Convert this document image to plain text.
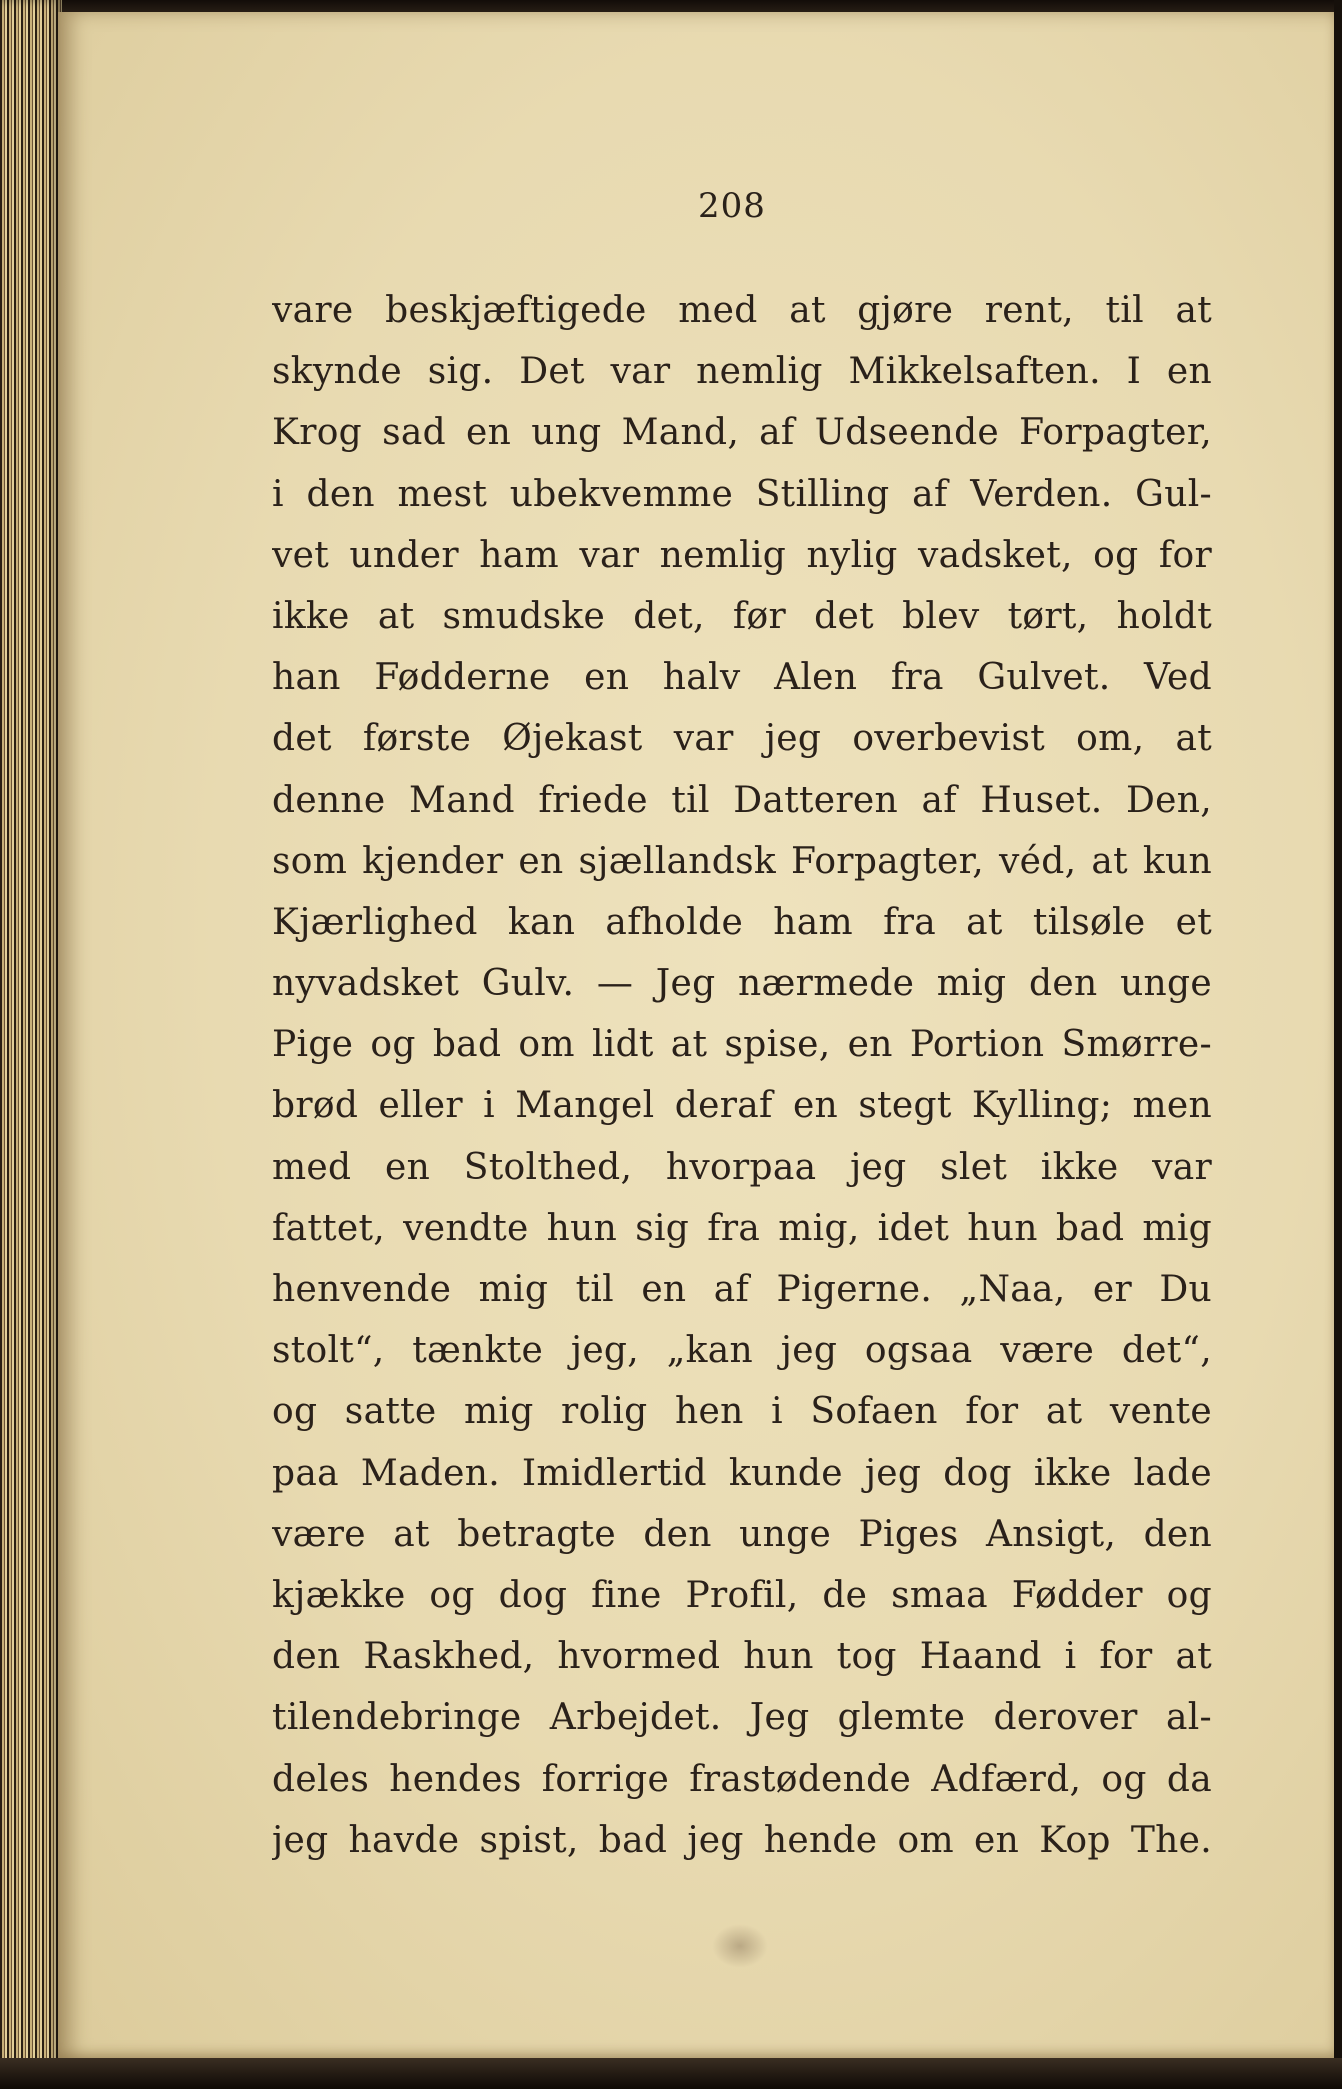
208
vare beskjæftigede med at gjøre rent, til at
skynde sig. Det var nemlig Mikkelsaften. I en
Krog sad en ung Mand, af Udseende Forpagter,
i den mest ubekvemme Stilling af Verden. Gul-
vet under ham var nemlig nylig vadsket, og for
ikke at smudske det, før det blev tørt, holdt
han Fødderne en halv Alen fra Gulvet. Ved
det første Øjekast var jeg overbevist om, at
denne Mand friede til Datteren af Huset. Den,
som kjender en sjællandsk Forpagter, véd, at kun
Kjærlighed kan afholde ham fra at tilsøle et
nyvadsket Gulv. — Jeg nærmede mig den unge
Pige og bad om lidt at spise, en Portion Smørre-
brød eller i Mangel deraf en stegt Kylling; men
med en Stolthed, hvorpaa jeg slet ikke var
fattet, vendte hun sig fra mig, idet hun bad mig
henvende mig til en af Pigerne. „Naa, er Du
stolt“, tænkte jeg, „kan jeg ogsaa være det“,
og satte mig rolig hen i Sofaen for at vente
paa Maden. Imidlertid kunde jeg dog ikke lade
være at betragte den unge Piges Ansigt, den
kjække og dog fine Profil, de smaa Fødder og
den Raskhed, hvormed hun tog Haand i for at
tilendebringe Arbejdet. Jeg glemte derover al-
deles hendes forrige frastødende Adfærd, og da
jeg havde spist, bad jeg hende om en Kop The.
